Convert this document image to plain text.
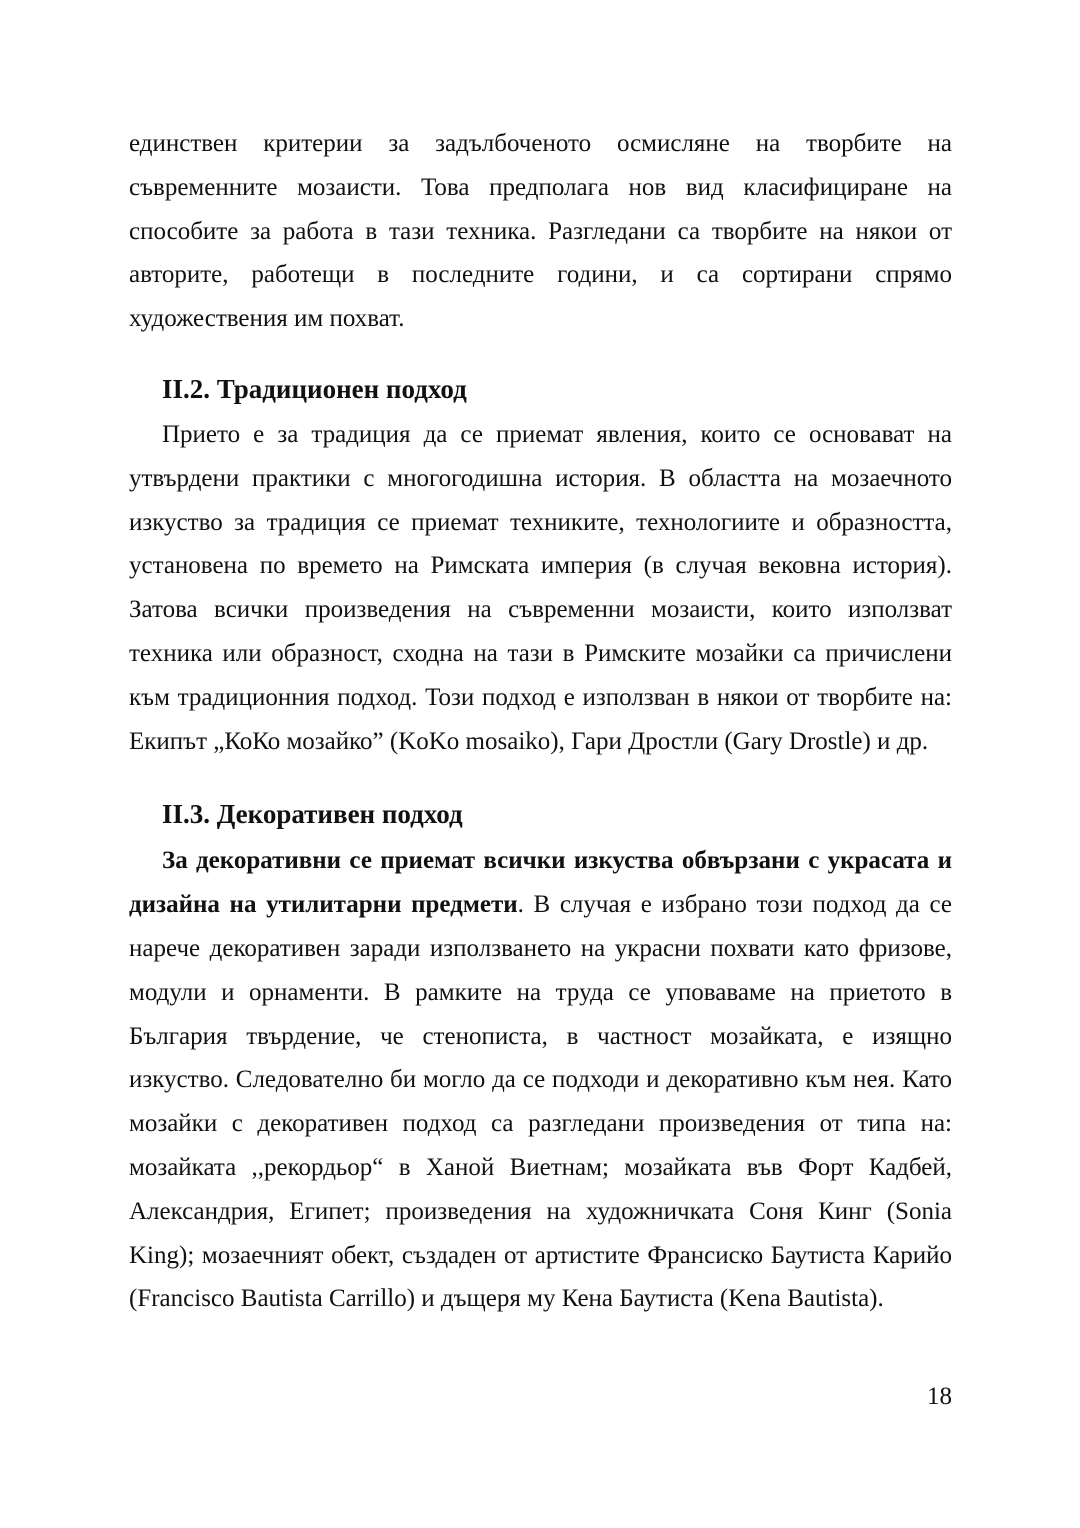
единствен критерии за задълбоченото осмисляне на творбите на съвременните мозаисти. Това предполага нов вид класифициране на способите за работа в тази техника. Разгледани са творбите на някои от авторите, работещи в последните години, и са сортирани спрямо художествения им похват.

II.2. Традиционен подход

Прието е за традиция да се приемат явления, които се основават на утвърдени практики с многогодишна история. В областта на мозаечното изкуство за традиция се приемат техниките, технологиите и образността, установена по времето на Римската империя (в случая вековна история). Затова всички произведения на съвременни мозаисти, които използват техника или образност, сходна на тази в Римските мозайки са причислени към традиционния подход. Този подход е използван в някои от творбите на: Екипът „КоКо мозайко” (KoKo mosaiko), Гари Дростли (Gary Drostle) и др.

II.3. Декоративен подход

За декоративни се приемат всички изкуства обвързани с украсата и дизайна на утилитарни предмети. В случая е избрано този подход да се нарече декоративен заради използването на украсни похвати като фризове, модули и орнаменти. В рамките на труда се уповаваме на приетото в България твърдение, че стенописта, в частност мозайката, е изящно изкуство. Следователно би могло да се подходи и декоративно към нея. Като мозайки с декоративен подход са разгледани произведения от типа на: мозайката ,,рекордьор“ в Ханой Виетнам; мозайката във Форт Кадбей, Александрия, Египет; произведения на художничката Соня Кинг (Sonia King); мозаечният обект, създаден от артистите Франсиско Баутиста Карийо (Francisco Bautista Carrillo) и дъщеря му Кена Баутиста (Kena Bautista).

18
